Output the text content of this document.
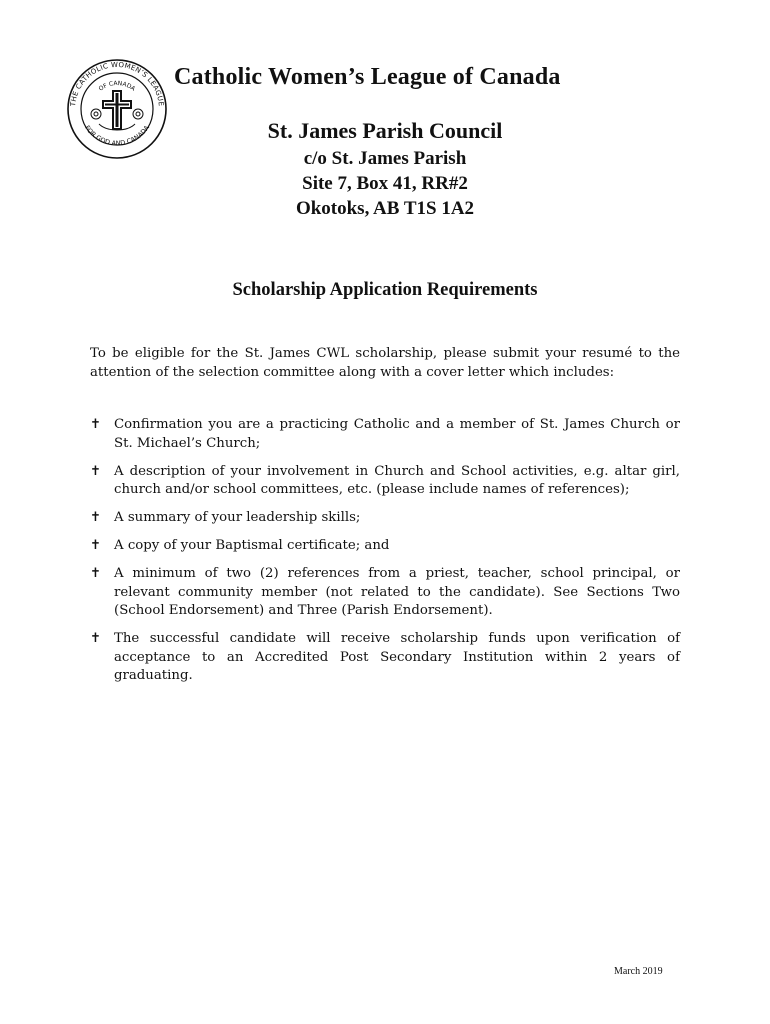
THE CATHOLIC WOMEN’S LEAGUE
OF CANADA
FOR GOD AND CANADA
Catholic Women’s League of Canada
St. James Parish Council
c/o St. James Parish
Site 7, Box 41, RR#2
Okotoks, AB T1S 1A2
Scholarship Application Requirements
To be eligible for the St. James CWL scholarship, please submit your resumé to the attention of the selection committee along with a cover letter which includes:
✝ Confirmation you are a practicing Catholic and a member of St. James Church or St. Michael’s Church;
✝ A description of your involvement in Church and School activities, e.g. altar girl, church and/or school committees, etc. (please include names of references);
✝ A summary of your leadership skills;
✝ A copy of your Baptismal certificate; and
✝ A minimum of two (2) references from a priest, teacher, school principal, or relevant community member (not related to the candidate). See Sections Two (School Endorsement) and Three (Parish Endorsement).
✝ The successful candidate will receive scholarship funds upon verification of acceptance to an Accredited Post Secondary Institution within 2 years of graduating.
March 2019
